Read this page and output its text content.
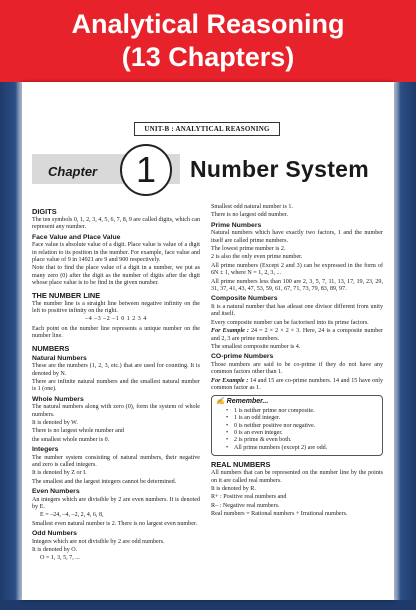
Analytical Reasoning
(13 Chapters)
UNIT-B : ANALYTICAL REASONING
Chapter	1	Number System
DIGITS
The ten symbols 0, 1, 2, 3, 4, 5, 6, 7, 8, 9 are called digits, which can represent any number.
Face Value and Place Value
Face value is absolute value of a digit. Place value is value of a digit in relation to its position in the number. For example, face value and place value of 9 in 14921 are 9 and 900 respectively.
Note that to find the place value of a digit in a number, we put as many zero (0) after the digit as the number of digits after the digit whose place value is to be find in the given number.
THE NUMBER LINE
The number line is a straight line between negative infinity on the left to positive infinity on the right.
–4 –3 –2 –1 0 1 2 3 4
Each point on the number line represents a unique number on the number line.
NUMBERS
Natural Numbers
These are the numbers (1, 2, 3, etc.) that are used for counting. It is denoted by N.
There are infinite natural numbers and the smallest natural number is 1 (one).
Whole Numbers
The natural numbers along with zero (0), form the system of whole numbers.
It is denoted by W.
There is no largest whole number and
the smallest whole number is 0.
Integers
The number system consisting of natural numbers, their negative and zero is called integers.
It is denoted by Z or I.
The smallest and the largest integers cannot be determined.
Even Numbers
An integers which are divisible by 2 are even numbers. It is denoted by E.
E = –24, –4, –2, 2, 4, 6, 8,
Smallest even natural number is 2. There is no largest even number.
Odd Numbers
Integers which are not divisible by 2 are odd numbers.
It is denoted by O.
O = 1, 3, 5, 7, ...
Smallest odd natural number is 1.
There is no largest odd number.
Prime Numbers
Natural numbers which have exactly two factors, 1 and the number itself are called prime numbers.
The lowest prime number is 2.
2 is also the only even prime number.
All prime numbers (Except 2 and 3) can be expressed in the form of 6N ± 1, where N = 1, 2, 3, ...
All prime numbers less than 100 are 2, 3, 5, 7, 11, 13, 17, 19, 23, 29, 31, 37, 41, 43, 47, 53, 59, 61, 67, 71, 73, 79, 83, 89, 97.
Composite Numbers
It is a natural number that has atleast one divisor different from unity and itself.
Every composite number can be factorised into its prime factors.
For Example : 24 = 2 × 2 × 2 × 3. Here, 24 is a composite number and 2, 3 are prime numbers.
The smallest composite number is 4.
CO-prime Numbers
Those numbers are said to be co-prime if they do not have any common factors other than 1.
For Example : 14 and 15 are co-prime numbers. 14 and 15 have only common factor as 1.
✍ Remember...
• 1 is neither prime nor composite.
• 1 is an odd integer.
• 0 is neither positive nor negative.
• 0 is an even integer.
• 2 is prime & even both.
• All prime numbers (except 2) are odd.
REAL NUMBERS
All numbers that can be represented on the number line by the points on it are called real numbers.
It is denoted by R.
R+ : Positive real numbers and
R– : Negative real numbers.
Real numbers = Rational numbers + Irrational numbers.
